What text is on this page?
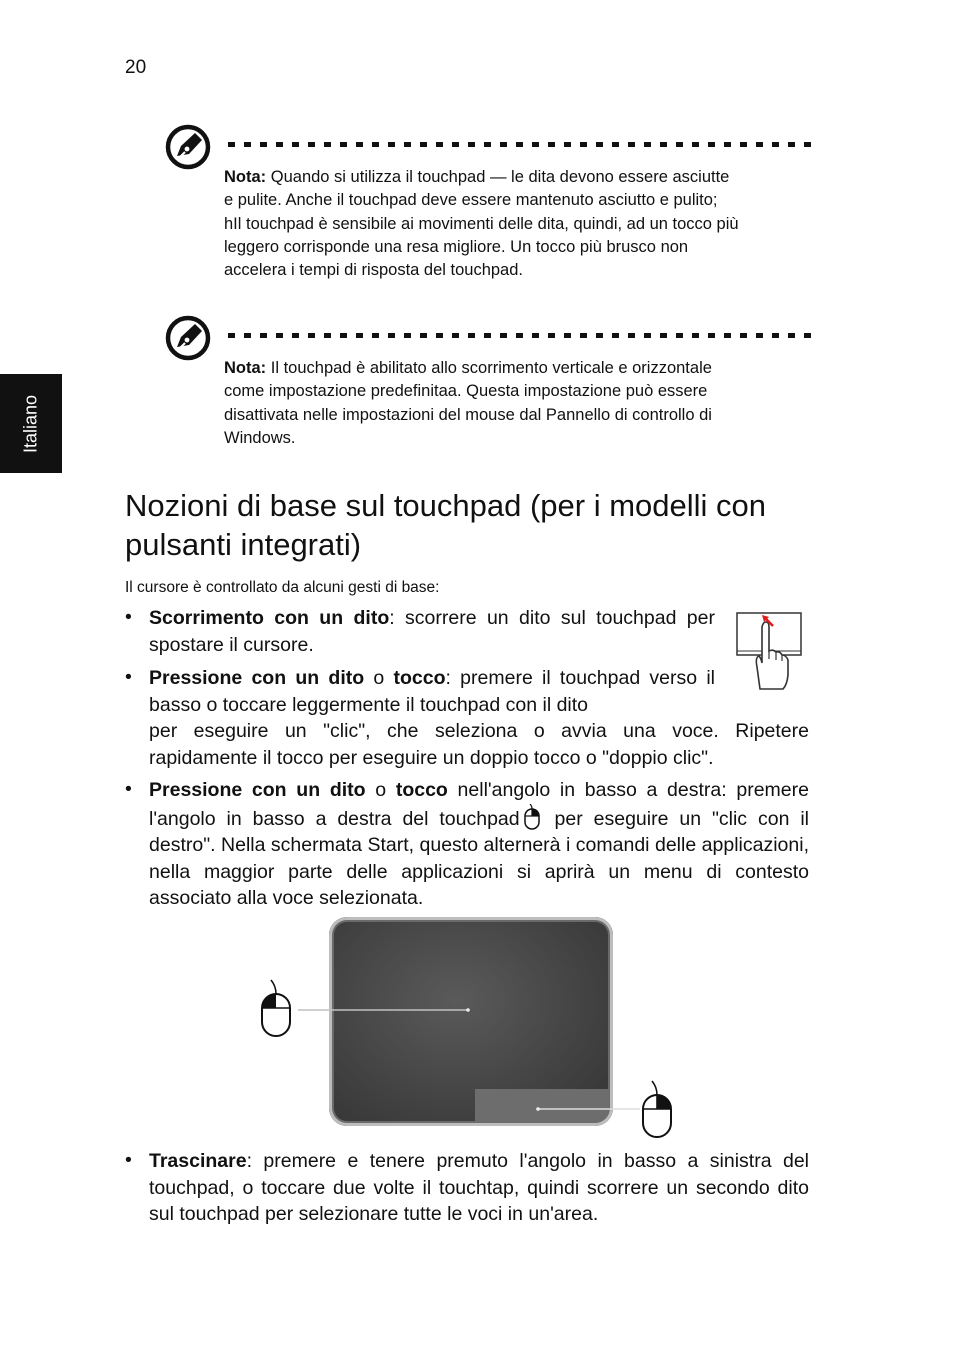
20
Italiano
Nota: Quando si utilizza il touchpad — le dita devono essere asciutte
e pulite. Anche il touchpad deve essere mantenuto asciutto e pulito;
hIl touchpad è sensibile ai movimenti delle dita, quindi, ad un tocco più
leggero corrisponde una resa migliore. Un tocco più brusco non
accelera i tempi di risposta del touchpad.
Nota: Il touchpad è abilitato allo scorrimento verticale e orizzontale
come impostazione predefinitaa. Questa impostazione può essere
disattivata nelle impostazioni del mouse dal Pannello di controllo di
Windows.
Nozioni di base sul touchpad (per i modelli con pulsanti integrati)
Il cursore è controllato da alcuni gesti di base:
• Scorrimento con un dito: scorrere un dito sul touchpad per spostare il cursore.
• Pressione con un dito o tocco: premere il touchpad verso il basso o toccare leggermente il touchpad con il dito
per eseguire un "clic", che seleziona o avvia una voce. Ripetere rapidamente il tocco per eseguire un doppio tocco o "doppio clic".
• Pressione con un dito o tocco nell'angolo in basso a destra: premere l'angolo in basso a destra del touchpad per eseguire un "clic con il destro". Nella schermata Start, questo alternerà i comandi delle applicazioni, nella maggior parte delle applicazioni si aprirà un menu di contesto associato alla voce selezionata.
• Trascinare: premere e tenere premuto l'angolo in basso a sinistra del touchpad, o toccare due volte il touchtap, quindi scorrere un secondo dito sul touchpad per selezionare tutte le voci in un'area.
